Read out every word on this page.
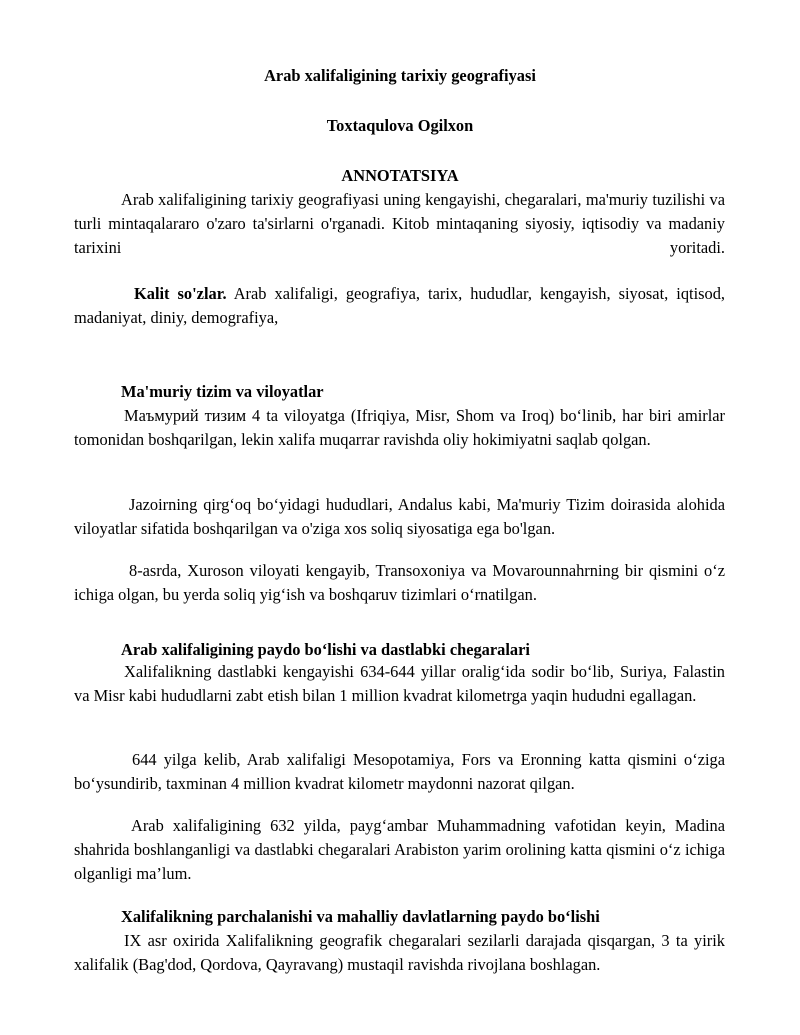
Arab xalifaligining tarixiy geografiyasi
Toxtaqulova Ogilxon
ANNOTATSIYA
Arab xalifaligining tarixiy geografiyasi uning kengayishi, chegaralari, ma'muriy tuzilishi va turli mintaqalararo o'zaro ta'sirlarni o'rganadi. Kitob mintaqaning siyosiy, iqtisodiy va madaniy tarixini yoritadi.
Kalit so'zlar. Arab xalifaligi, geografiya, tarix, hududlar, kengayish, siyosat, iqtisod, madaniyat, diniy, demografiya,
Ma'muriy tizim va viloyatlar
Маъмурий тизим 4 ta viloyatga (Ifriqiya, Misr, Shom va Iroq) bo‘linib, har biri amirlar tomonidan boshqarilgan, lekin xalifa muqarrar ravishda oliy hokimiyatni saqlab qolgan.
Jazoirning qirg‘oq bo‘yidagi hududlari, Andalus kabi, Ma'muriy Tizim doirasida alohida viloyatlar sifatida boshqarilgan va o'ziga xos soliq siyosatiga ega bo'lgan.
8-asrda, Xuroson viloyati kengayib, Transoxoniya va Movarounnahrning bir qismini o‘z ichiga olgan, bu yerda soliq yig‘ish va boshqaruv tizimlari o‘rnatilgan.
Arab xalifaligining paydo bo‘lishi va dastlabki chegaralari
Xalifalikning dastlabki kengayishi 634-644 yillar oralig‘ida sodir bo‘lib, Suriya, Falastin va Misr kabi hududlarni zabt etish bilan 1 million kvadrat kilometrga yaqin hududni egallagan.
644 yilga kelib, Arab xalifaligi Mesopotamiya, Fors va Eronning katta qismini o‘ziga bo‘ysundirib, taxminan 4 million kvadrat kilometr maydonni nazorat qilgan.
Arab xalifaligining 632 yilda, payg‘ambar Muhammadning vafotidan keyin, Madina shahrida boshlanganligi va dastlabki chegaralari Arabiston yarim orolining katta qismini o‘z ichiga olganligi ma’lum.
Xalifalikning parchalanishi va mahalliy davlatlarning paydo bo‘lishi
IX asr oxirida Xalifalikning geografik chegaralari sezilarli darajada qisqargan, 3 ta yirik xalifalik (Bag'dod, Qordova, Qayravang) mustaqil ravishda rivojlana boshlagan.
